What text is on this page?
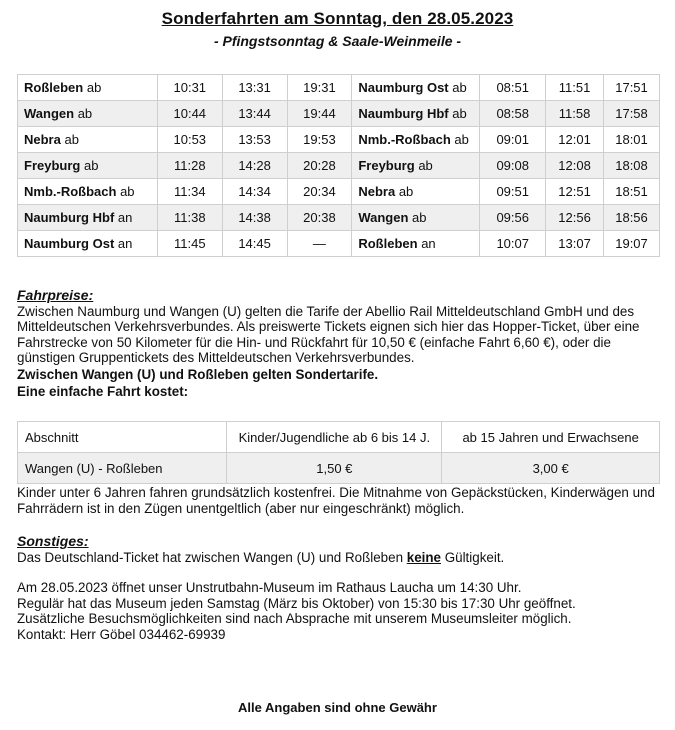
Sonderfahrten am Sonntag, den 28.05.2023
- Pfingstsonntag & Saale-Weinmeile -
Roßleben ab	10:31	13:31	19:31	Naumburg Ost ab	08:51	11:51	17:51
Wangen ab	10:44	13:44	19:44	Naumburg Hbf ab	08:58	11:58	17:58
Nebra ab	10:53	13:53	19:53	Nmb.-Roßbach ab	09:01	12:01	18:01
Freyburg ab	11:28	14:28	20:28	Freyburg ab	09:08	12:08	18:08
Nmb.-Roßbach ab	11:34	14:34	20:34	Nebra ab	09:51	12:51	18:51
Naumburg Hbf an	11:38	14:38	20:38	Wangen ab	09:56	12:56	18:56
Naumburg Ost an	11:45	14:45	—	Roßleben an	10:07	13:07	19:07
Fahrpreise:
Zwischen Naumburg und Wangen (U) gelten die Tarife der Abellio Rail Mitteldeutschland GmbH und des Mitteldeutschen Verkehrsverbundes. Als preiswerte Tickets eignen sich hier das Hopper-Ticket, über eine Fahrstrecke von 50 Kilometer für die Hin- und Rückfahrt für 10,50 € (einfache Fahrt 6,60 €), oder die günstigen Gruppentickets des Mitteldeutschen Verkehrsverbundes.
Zwischen Wangen (U) und Roßleben gelten Sondertarife.
Eine einfache Fahrt kostet:
Abschnitt	Kinder/Jugendliche ab 6 bis 14 J.	ab 15 Jahren und Erwachsene
Wangen (U) - Roßleben	1,50 €	3,00 €
Kinder unter 6 Jahren fahren grundsätzlich kostenfrei. Die Mitnahme von Gepäckstücken, Kinderwägen und Fahrrädern ist in den Zügen unentgeltlich (aber nur eingeschränkt) möglich.
Sonstiges:
Das Deutschland-Ticket hat zwischen Wangen (U) und Roßleben keine Gültigkeit.
Am 28.05.2023 öffnet unser Unstrutbahn-Museum im Rathaus Laucha um 14:30 Uhr.
Regulär hat das Museum jeden Samstag (März bis Oktober) von 15:30 bis 17:30 Uhr geöffnet.
Zusätzliche Besuchsmöglichkeiten sind nach Absprache mit unserem Museumsleiter möglich.
Kontakt: Herr Göbel 034462-69939
Alle Angaben sind ohne Gewähr
